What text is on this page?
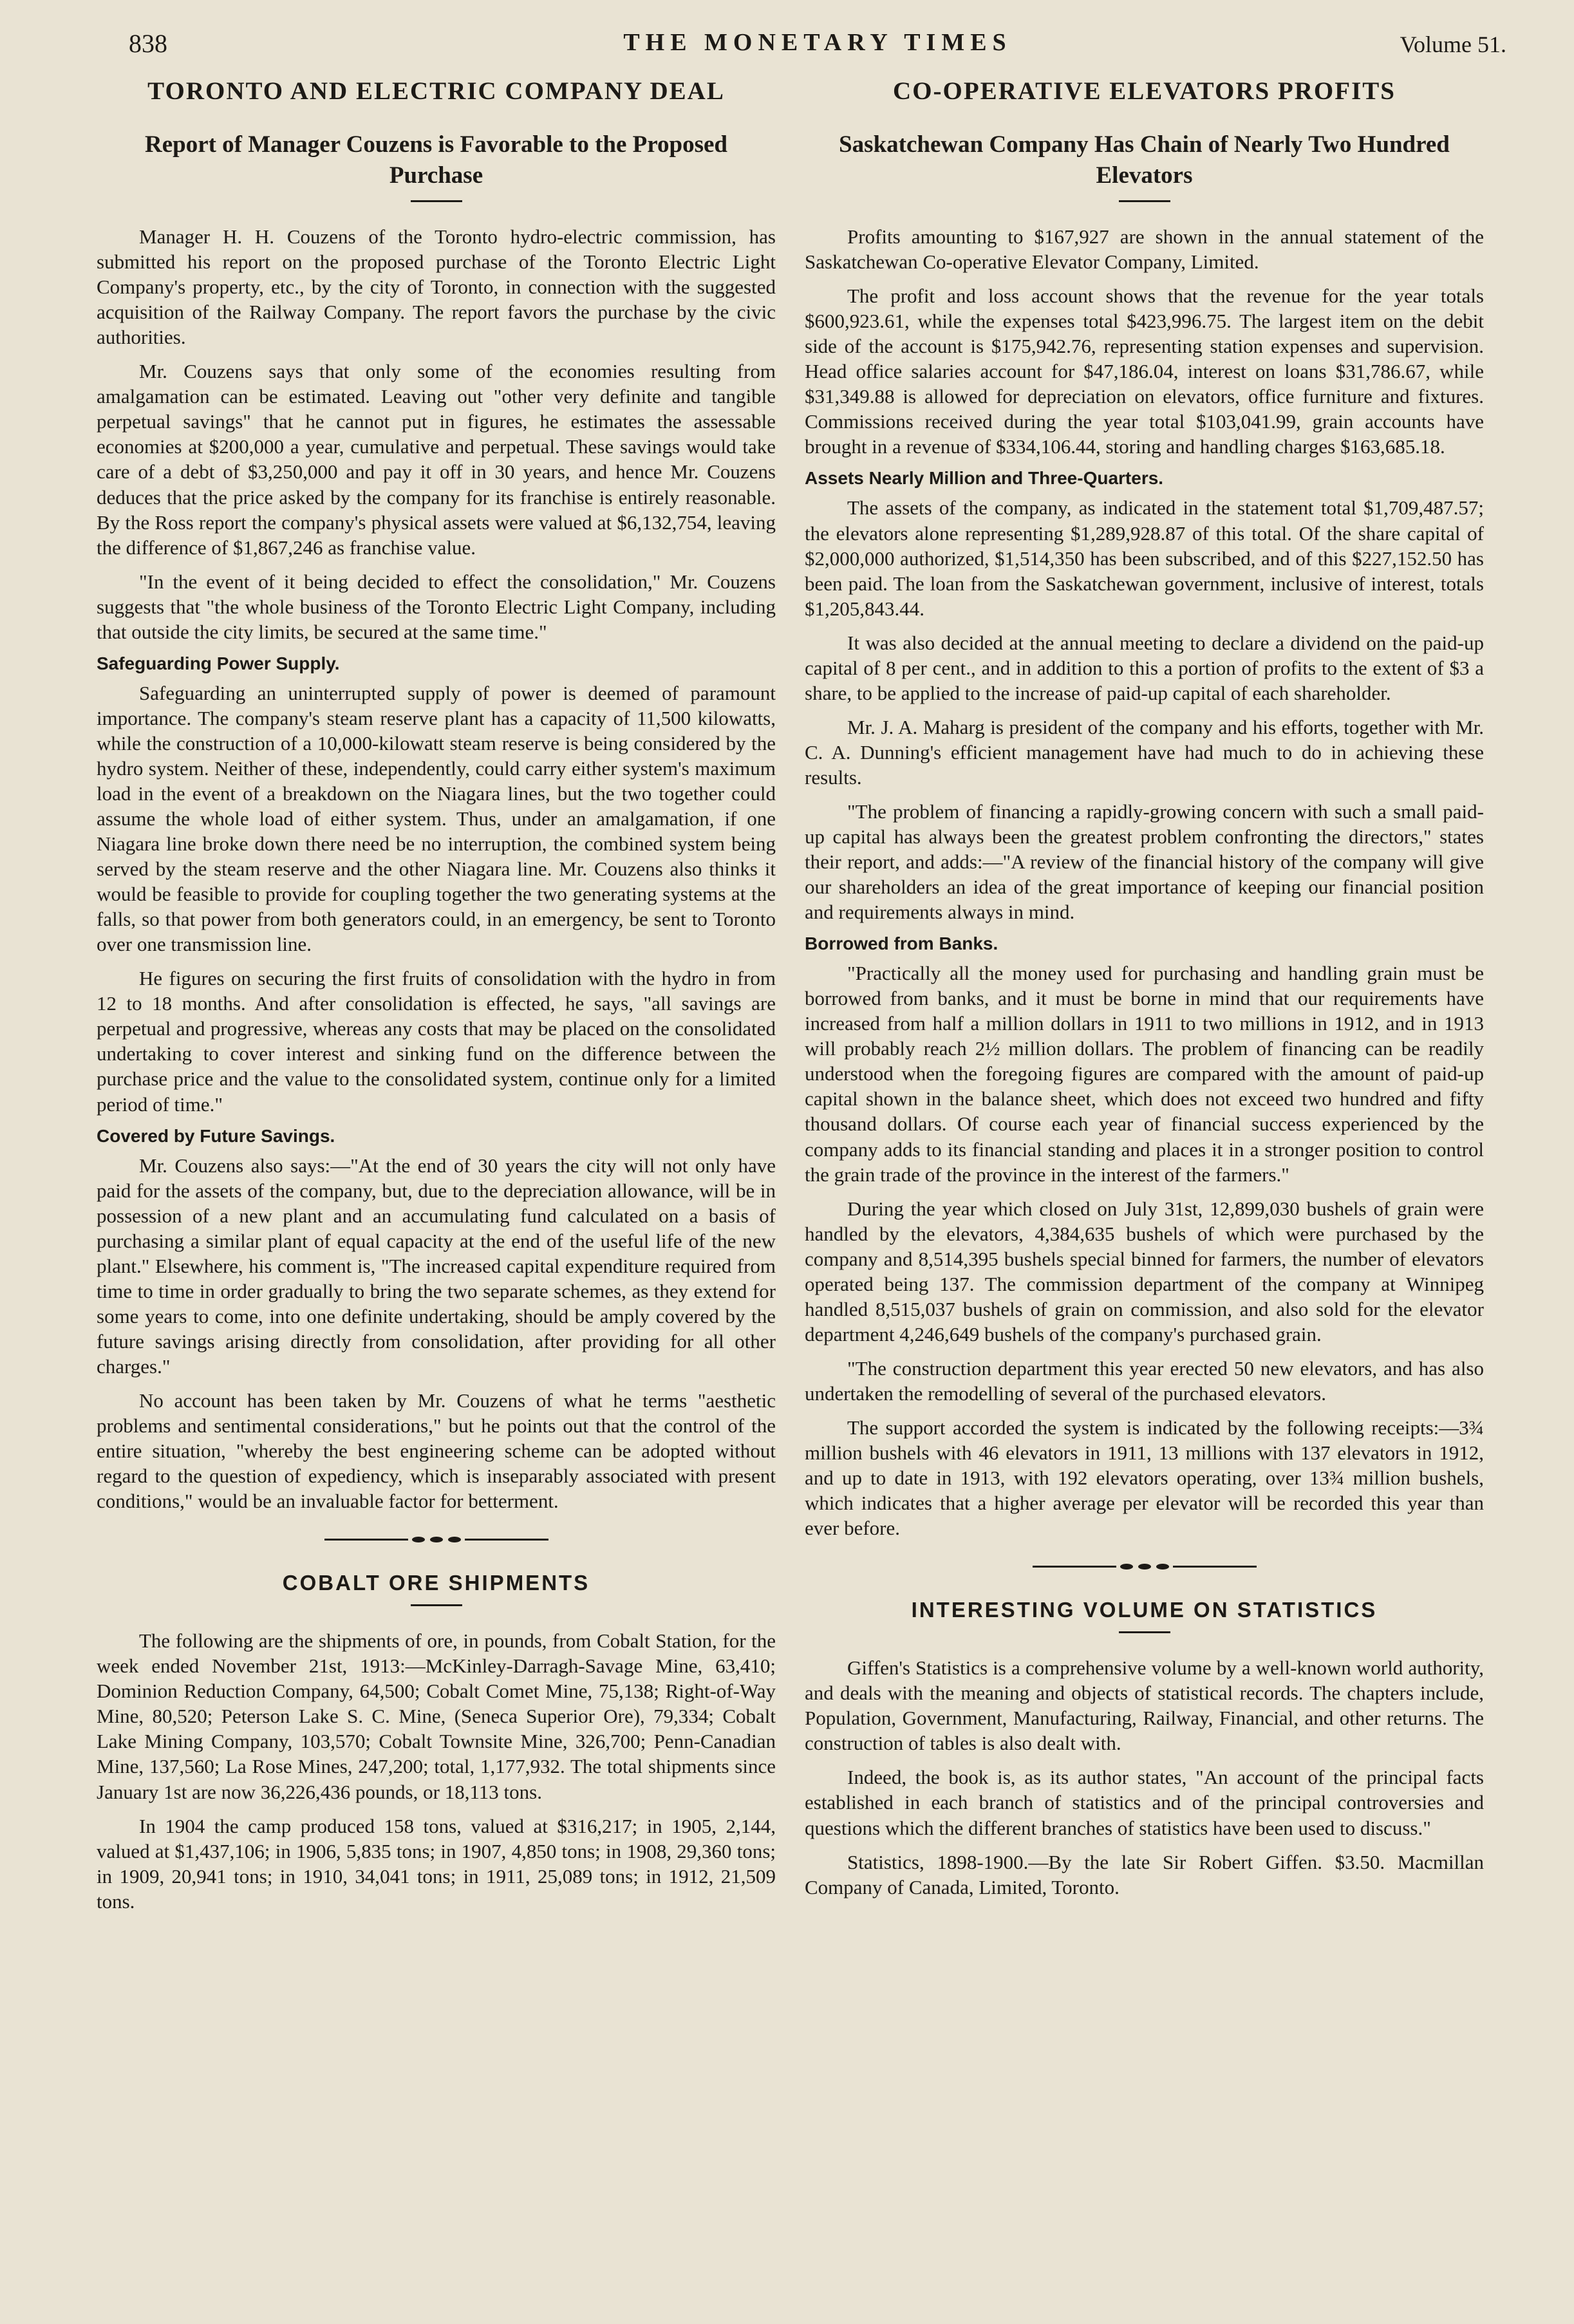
838	THE MONETARY TIMES	Volume 51.
TORONTO AND ELECTRIC COMPANY DEAL
Report of Manager Couzens is Favorable to the Proposed Purchase

Manager H. H. Couzens of the Toronto hydro-electric commission, has submitted his report on the proposed purchase of the Toronto Electric Light Company's property, etc., by the city of Toronto, in connection with the suggested acquisition of the Railway Company. The report favors the purchase by the civic authorities.

Mr. Couzens says that only some of the economies resulting from amalgamation can be estimated. Leaving out "other very definite and tangible perpetual savings" that he cannot put in figures, he estimates the assessable economies at $200,000 a year, cumulative and perpetual. These savings would take care of a debt of $3,250,000 and pay it off in 30 years, and hence Mr. Couzens deduces that the price asked by the company for its franchise is entirely reasonable. By the Ross report the company's physical assets were valued at $6,132,754, leaving the difference of $1,867,246 as franchise value.

"In the event of it being decided to effect the consolidation," Mr. Couzens suggests that "the whole business of the Toronto Electric Light Company, including that outside the city limits, be secured at the same time."

Safeguarding Power Supply.

Safeguarding an uninterrupted supply of power is deemed of paramount importance. The company's steam reserve plant has a capacity of 11,500 kilowatts, while the construction of a 10,000-kilowatt steam reserve is being considered by the hydro system. Neither of these, independently, could carry either system's maximum load in the event of a breakdown on the Niagara lines, but the two together could assume the whole load of either system. Thus, under an amalgamation, if one Niagara line broke down there need be no interruption, the combined system being served by the steam reserve and the other Niagara line. Mr. Couzens also thinks it would be feasible to provide for coupling together the two generating systems at the falls, so that power from both generators could, in an emergency, be sent to Toronto over one transmission line.

He figures on securing the first fruits of consolidation with the hydro in from 12 to 18 months. And after consolidation is effected, he says, "all savings are perpetual and progressive, whereas any costs that may be placed on the consolidated undertaking to cover interest and sinking fund on the difference between the purchase price and the value to the consolidated system, continue only for a limited period of time."

Covered by Future Savings.

Mr. Couzens also says:—"At the end of 30 years the city will not only have paid for the assets of the company, but, due to the depreciation allowance, will be in possession of a new plant and an accumulating fund calculated on a basis of purchasing a similar plant of equal capacity at the end of the useful life of the new plant." Elsewhere, his comment is, "The increased capital expenditure required from time to time in order gradually to bring the two separate schemes, as they extend for some years to come, into one definite undertaking, should be amply covered by the future savings arising directly from consolidation, after providing for all other charges."

No account has been taken by Mr. Couzens of what he terms "aesthetic problems and sentimental considerations," but he points out that the control of the entire situation, "whereby the best engineering scheme can be adopted without regard to the question of expediency, which is inseparably associated with present conditions," would be an invaluable factor for betterment.

COBALT ORE SHIPMENTS

The following are the shipments of ore, in pounds, from Cobalt Station, for the week ended November 21st, 1913:—McKinley-Darragh-Savage Mine, 63,410; Dominion Reduction Company, 64,500; Cobalt Comet Mine, 75,138; Right-of-Way Mine, 80,520; Peterson Lake S. C. Mine, (Seneca Superior Ore), 79,334; Cobalt Lake Mining Company, 103,570; Cobalt Townsite Mine, 326,700; Penn-Canadian Mine, 137,560; La Rose Mines, 247,200; total, 1,177,932. The total shipments since January 1st are now 36,226,436 pounds, or 18,113 tons.

In 1904 the camp produced 158 tons, valued at $316,217; in 1905, 2,144, valued at $1,437,106; in 1906, 5,835 tons; in 1907, 4,850 tons; in 1908, 29,360 tons; in 1909, 20,941 tons; in 1910, 34,041 tons; in 1911, 25,089 tons; in 1912, 21,509 tons.

CO-OPERATIVE ELEVATORS PROFITS
Saskatchewan Company Has Chain of Nearly Two Hundred Elevators

Profits amounting to $167,927 are shown in the annual statement of the Saskatchewan Co-operative Elevator Company, Limited.

The profit and loss account shows that the revenue for the year totals $600,923.61, while the expenses total $423,996.75. The largest item on the debit side of the account is $175,942.76, representing station expenses and supervision. Head office salaries account for $47,186.04, interest on loans $31,786.67, while $31,349.88 is allowed for depreciation on elevators, office furniture and fixtures. Commissions received during the year total $103,041.99, grain accounts have brought in a revenue of $334,106.44, storing and handling charges $163,685.18.

Assets Nearly Million and Three-Quarters.

The assets of the company, as indicated in the statement total $1,709,487.57; the elevators alone representing $1,289,928.87 of this total. Of the share capital of $2,000,000 authorized, $1,514,350 has been subscribed, and of this $227,152.50 has been paid. The loan from the Saskatchewan government, inclusive of interest, totals $1,205,843.44.

It was also decided at the annual meeting to declare a dividend on the paid-up capital of 8 per cent., and in addition to this a portion of profits to the extent of $3 a share, to be applied to the increase of paid-up capital of each shareholder.

Mr. J. A. Maharg is president of the company and his efforts, together with Mr. C. A. Dunning's efficient management have had much to do in achieving these results.

"The problem of financing a rapidly-growing concern with such a small paid-up capital has always been the greatest problem confronting the directors," states their report, and adds:—"A review of the financial history of the company will give our shareholders an idea of the great importance of keeping our financial position and requirements always in mind.

Borrowed from Banks.

"Practically all the money used for purchasing and handling grain must be borrowed from banks, and it must be borne in mind that our requirements have increased from half a million dollars in 1911 to two millions in 1912, and in 1913 will probably reach 2½ million dollars. The problem of financing can be readily understood when the foregoing figures are compared with the amount of paid-up capital shown in the balance sheet, which does not exceed two hundred and fifty thousand dollars. Of course each year of financial success experienced by the company adds to its financial standing and places it in a stronger position to control the grain trade of the province in the interest of the farmers."

During the year which closed on July 31st, 12,899,030 bushels of grain were handled by the elevators, 4,384,635 bushels of which were purchased by the company and 8,514,395 bushels special binned for farmers, the number of elevators operated being 137. The commission department of the company at Winnipeg handled 8,515,037 bushels of grain on commission, and also sold for the elevator department 4,246,649 bushels of the company's purchased grain.

"The construction department this year erected 50 new elevators, and has also undertaken the remodelling of several of the purchased elevators.

The support accorded the system is indicated by the following receipts:—3¾ million bushels with 46 elevators in 1911, 13 millions with 137 elevators in 1912, and up to date in 1913, with 192 elevators operating, over 13¾ million bushels, which indicates that a higher average per elevator will be recorded this year than ever before.

INTERESTING VOLUME ON STATISTICS

Giffen's Statistics is a comprehensive volume by a well-known world authority, and deals with the meaning and objects of statistical records. The chapters include, Population, Government, Manufacturing, Railway, Financial, and other returns. The construction of tables is also dealt with.

Indeed, the book is, as its author states, "An account of the principal facts established in each branch of statistics and of the principal controversies and questions which the different branches of statistics have been used to discuss."

Statistics, 1898-1900.—By the late Sir Robert Giffen. $3.50. Macmillan Company of Canada, Limited, Toronto.
